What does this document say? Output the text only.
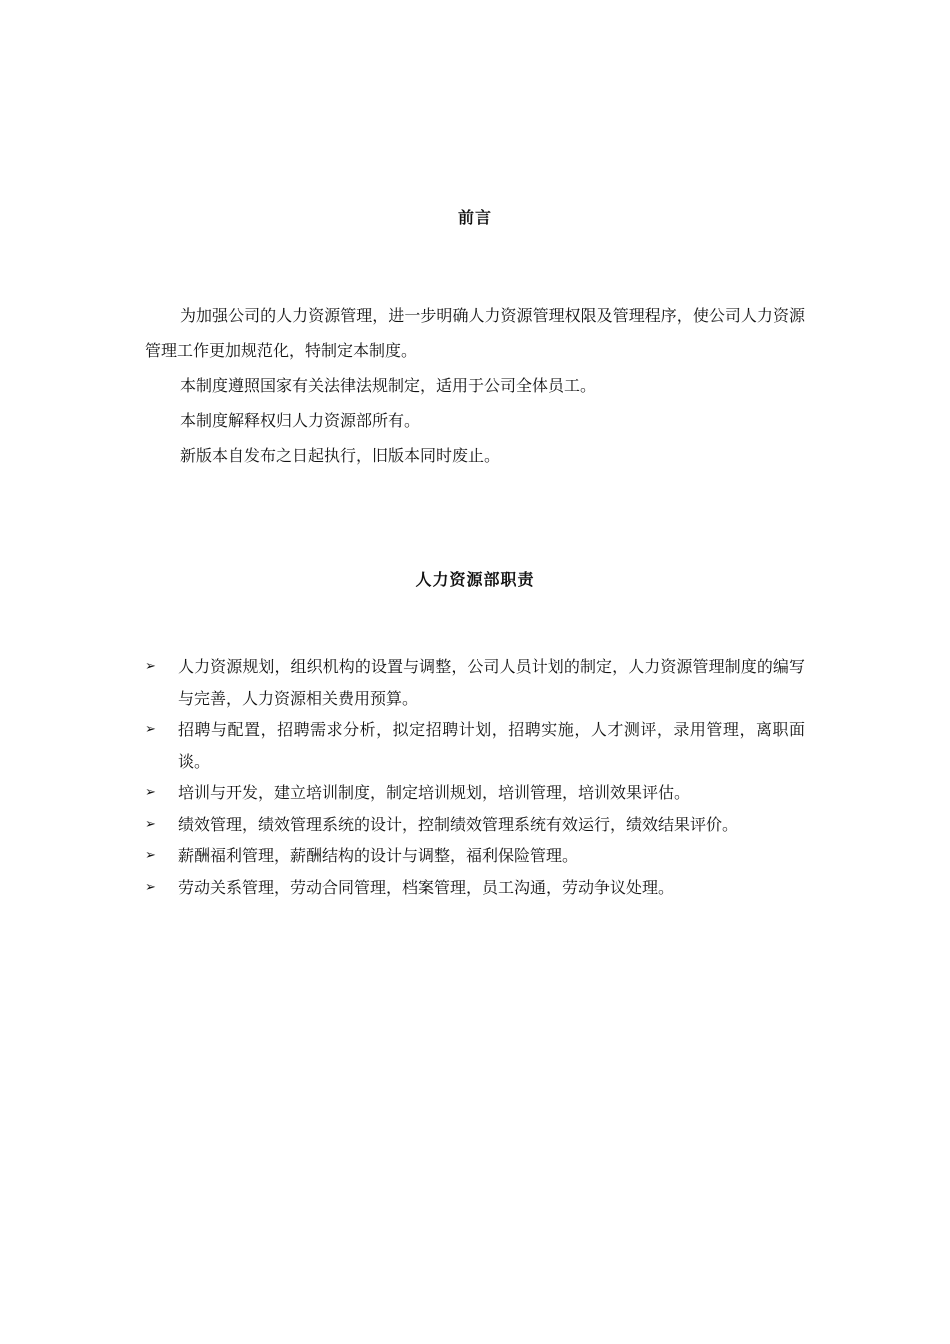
前言

为加强公司的人力资源管理，进一步明确人力资源管理权限及管理程序，使公司人力资源管理工作更加规范化，特制定本制度。

本制度遵照国家有关法律法规制定，适用于公司全体员工。

本制度解释权归人力资源部所有。

新版本自发布之日起执行，旧版本同时废止。

人力资源部职责
➢ 人力资源规划，组织机构的设置与调整，公司人员计划的制定，人力资源管理制度的编写与完善，人力资源相关费用预算。
➢ 招聘与配置，招聘需求分析，拟定招聘计划，招聘实施，人才测评，录用管理，离职面谈。
➢ 培训与开发，建立培训制度，制定培训规划，培训管理，培训效果评估。
➢ 绩效管理，绩效管理系统的设计，控制绩效管理系统有效运行，绩效结果评价。
➢ 薪酬福利管理，薪酬结构的设计与调整，福利保险管理。
➢ 劳动关系管理，劳动合同管理，档案管理，员工沟通，劳动争议处理。
